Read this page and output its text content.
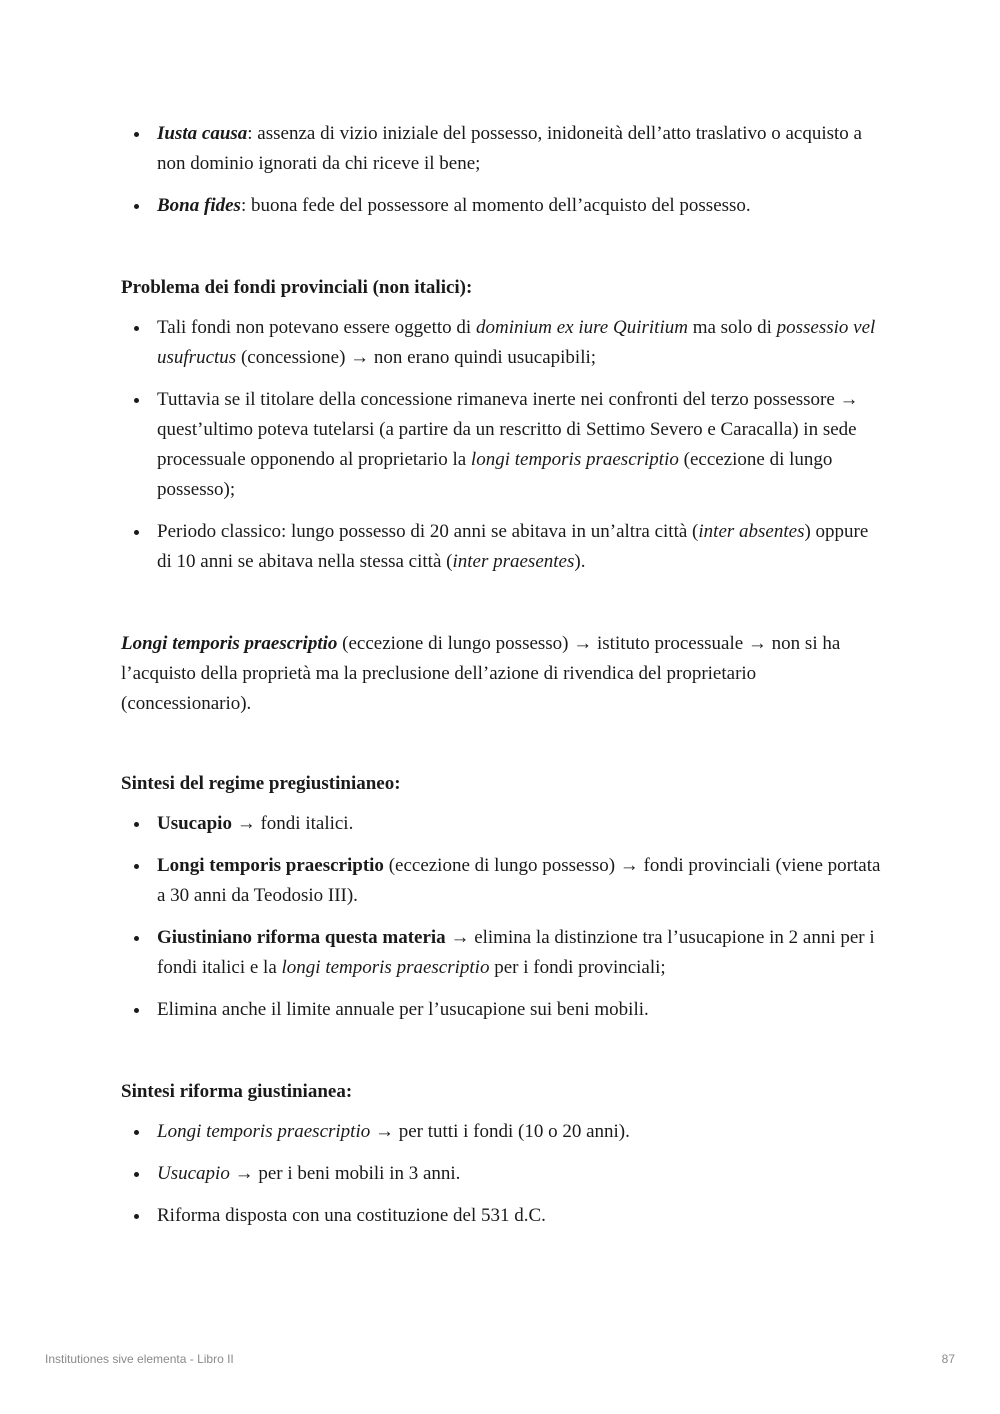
Iusta causa: assenza di vizio iniziale del possesso, inidoneità dell’atto traslativo o acquisto a non dominio ignorati da chi riceve il bene;
Bona fides: buona fede del possessore al momento dell’acquisto del possesso.

Problema dei fondi provinciali (non italici):

Tali fondi non potevano essere oggetto di dominium ex iure Quiritium ma solo di possessio vel usufructus (concessione) → non erano quindi usucapibili;
Tuttavia se il titolare della concessione rimaneva inerte nei confronti del terzo possessore → quest’ultimo poteva tutelarsi (a partire da un rescritto di Settimo Severo e Caracalla) in sede processuale opponendo al proprietario la longi temporis praescriptio (eccezione di lungo possesso);
Periodo classico: lungo possesso di 20 anni se abitava in un’altra città (inter absentes) oppure di 10 anni se abitava nella stessa città (inter praesentes).

Longi temporis praescriptio (eccezione di lungo possesso) → istituto processuale → non si ha l’acquisto della proprietà ma la preclusione dell’azione di rivendica del proprietario (concessionario).

Sintesi del regime pregiustinianeo:

Usucapio → fondi italici.
Longi temporis praescriptio (eccezione di lungo possesso) → fondi provinciali (viene portata a 30 anni da Teodosio III).
Giustiniano riforma questa materia → elimina la distinzione tra l’usucapione in 2 anni per i fondi italici e la longi temporis praescriptio per i fondi provinciali;
Elimina anche il limite annuale per l’usucapione sui beni mobili.

Sintesi riforma giustinianea:

Longi temporis praescriptio → per tutti i fondi (10 o 20 anni).
Usucapio → per i beni mobili in 3 anni.
Riforma disposta con una costituzione del 531 d.C.
Institutiones sive elementa - Libro II	87
